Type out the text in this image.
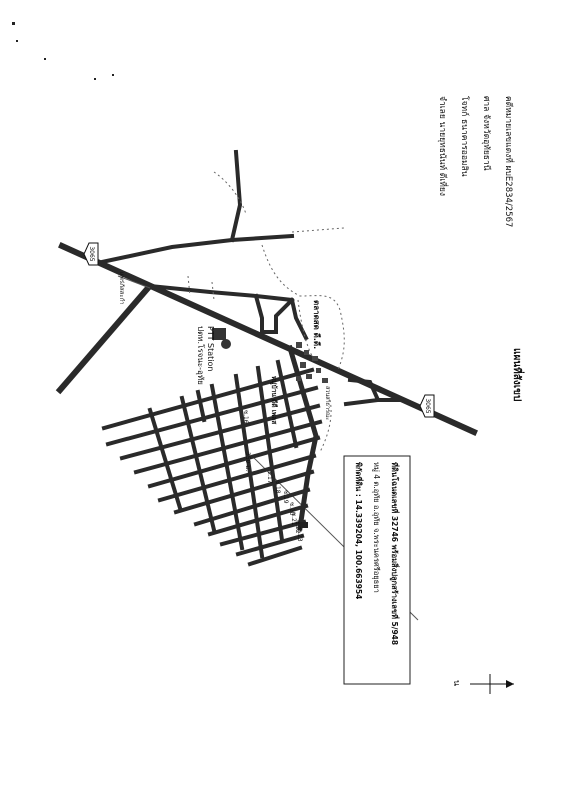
3065
3065
ตลาดสด ดี.ดี.
PTT Station
ปตท.โรจนะ-อุทัย
หมู่บ้าน ดีดี เพลส
แพร่ภัสสะกำ
สวนสาธารณะ
350 ม.
ซ.16
ซ.17
ซ.18
ซ.19
ซ.20
ซ.21
ซ.22
ซ.23
คดีหมายเลขแดงที่ ผบE2834/2567
ศาล จังหวัดอุทัยธานี
โจทก์ ธนาคารออมสิน
จำเลย นายยุทธนันท์ ดีเที่ยง
แผนที่สังเขป
ที่ดินโฉนดเลขที่ 32746 พร้อมสิ่งปลูกสร้างเลขที่ 5/948
หมู่ 4 ต.อุทัย อ.อุทัย จ.พระนครศรีอยุธยา
พิกัดที่ดิน : 14.339204, 100.663954
น
